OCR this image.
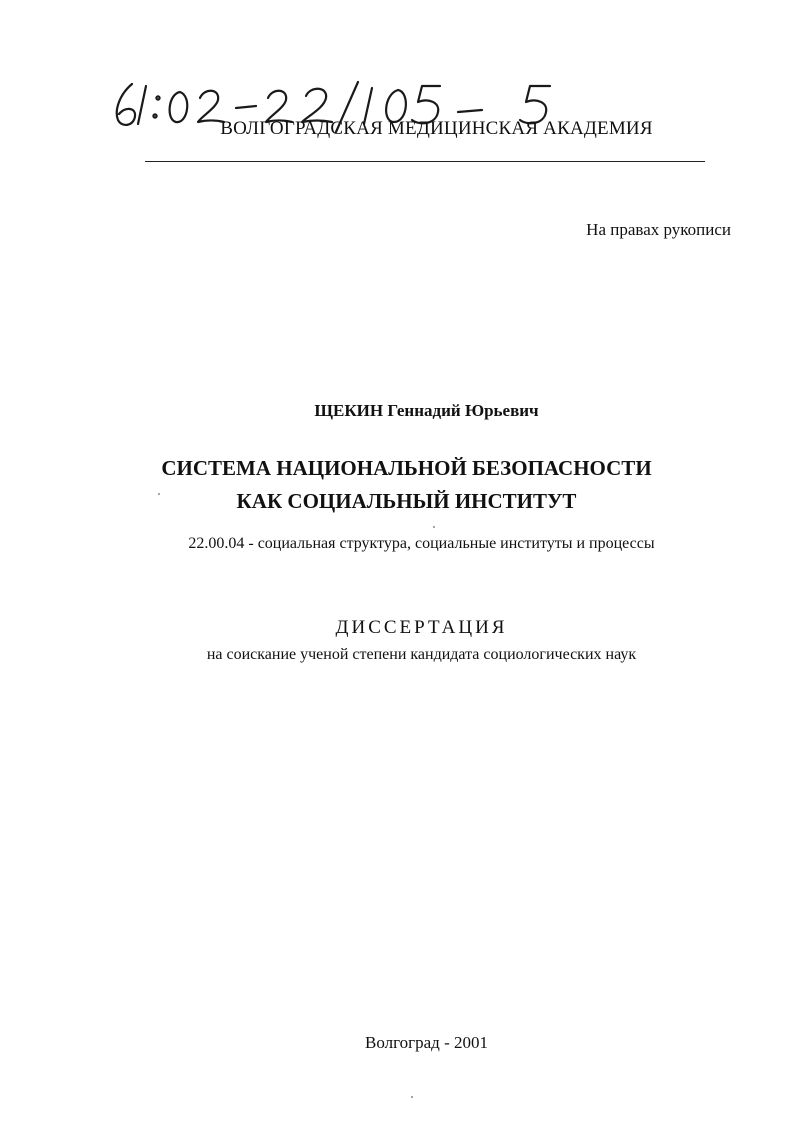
ВОЛГОГРАДСКАЯ МЕДИЦИНСКАЯ АКАДЕМИЯ
На правах рукописи
ЩЕКИН Геннадий Юрьевич
СИСТЕМА НАЦИОНАЛЬНОЙ БЕЗОПАСНОСТИ
КАК СОЦИАЛЬНЫЙ ИНСТИТУТ
22.00.04 - социальная структура, социальные институты и процессы
ДИССЕРТАЦИЯ
на соискание ученой степени кандидата социологических наук
Волгоград - 2001
